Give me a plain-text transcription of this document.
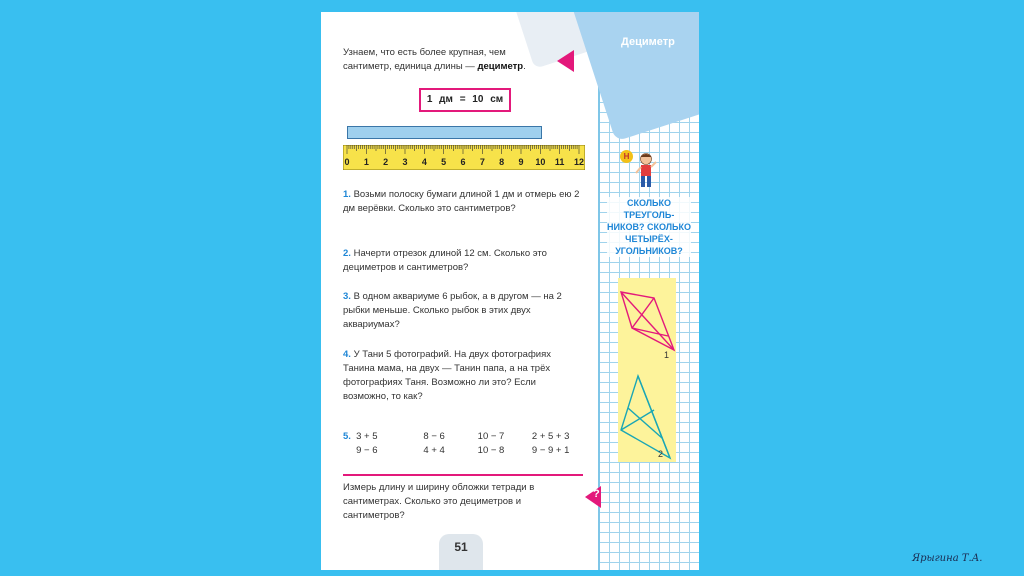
Дециметр
Узнаем, что есть более крупная, чем сантиметр, единица длины — дециметр.
1 дм = 10 см
0 1 2 3 4 5 6 7 8 9 10 11 12
1. Возьми полоску бумаги длиной 1 дм и отмерь ею 2 дм верёвки. Сколько это сантиметров?
2. Начерти отрезок длиной 12 см. Сколько это дециметров и сантиметров?
3. В одном аквариуме 6 рыбок, а в другом — на 2 рыбки меньше. Сколько рыбок в этих двух аквариумах?
4. У Тани 5 фотографий. На двух фотографиях Танина мама, на двух — Танин папа, а на трёх фотографиях Таня. Возможно ли это? Если возможно, то как?
5. 3 + 5	8 − 6	10 − 7	2 + 5 + 3
9 − 6	4 + 4	10 − 8	9 − 9 + 1
Измерь длину и ширину обложки тетради в сантиметрах. Сколько это дециметров и сантиметров?
?
51
Н
СКОЛЬКО ТРЕУГОЛЬ-НИКОВ? СКОЛЬКО ЧЕТЫРЁХ-УГОЛЬНИКОВ?
1
2
Ярыгина Т.А.
